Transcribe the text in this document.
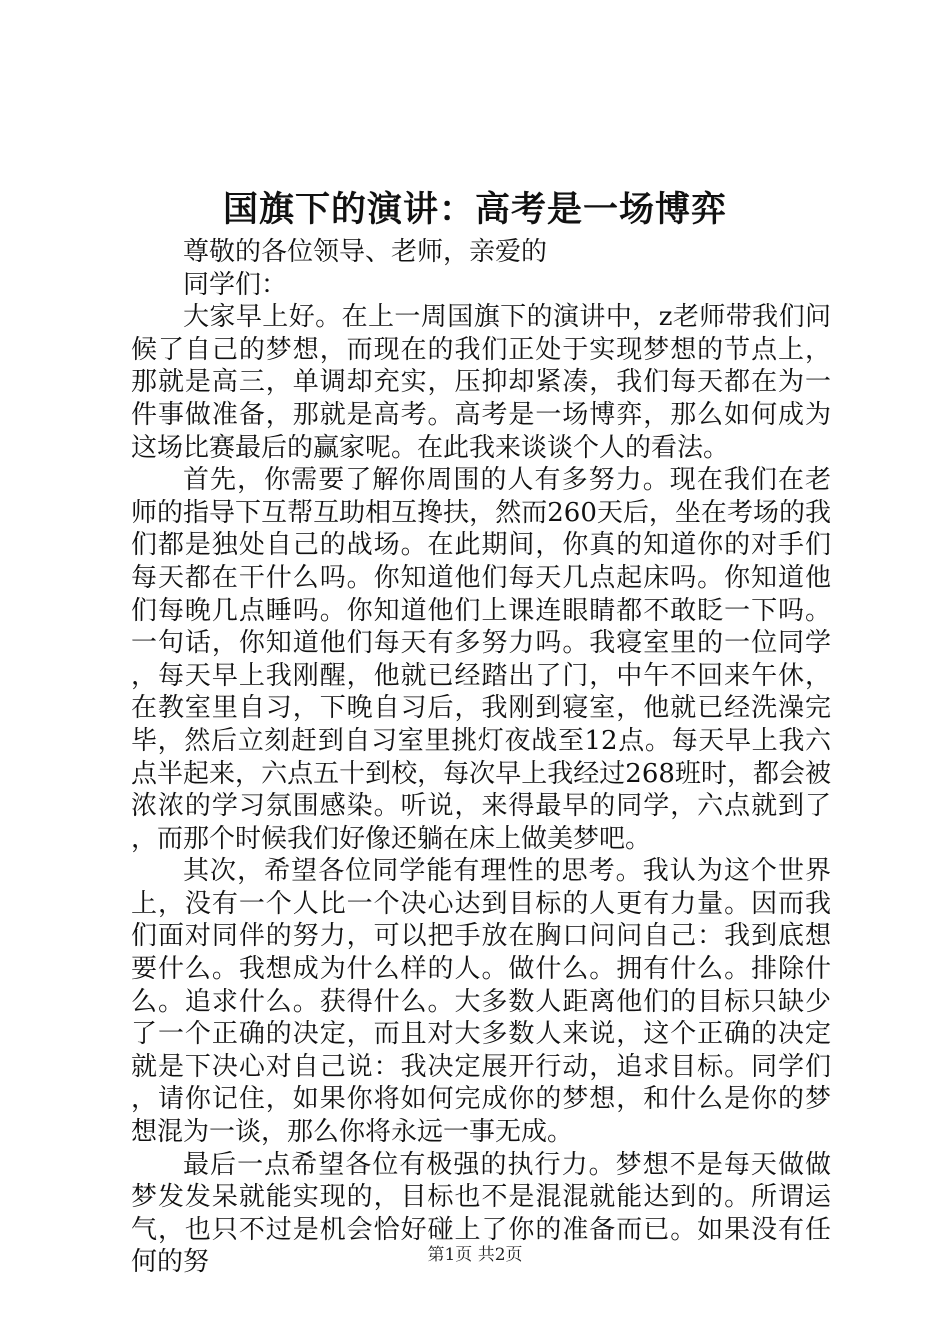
国旗下的演讲：高考是一场博弈

尊敬的各位领导、老师，亲爱的

同学们：

大家早上好。在上一周国旗下的演讲中，z老师带我们问候了自己的梦想，而现在的我们正处于实现梦想的节点上，那就是高三，单调却充实，压抑却紧凑，我们每天都在为一件事做准备，那就是高考。高考是一场博弈，那么如何成为这场比赛最后的赢家呢。在此我来谈谈个人的看法。

首先，你需要了解你周围的人有多努力。现在我们在老师的指导下互帮互助相互搀扶，然而260天后，坐在考场的我们都是独处自己的战场。在此期间，你真的知道你的对手们每天都在干什么吗。你知道他们每天几点起床吗。你知道他们每晚几点睡吗。你知道他们上课连眼睛都不敢眨一下吗。一句话，你知道他们每天有多努力吗。我寝室里的一位同学，每天早上我刚醒，他就已经踏出了门，中午不回来午休，在教室里自习，下晚自习后，我刚到寝室，他就已经洗澡完毕，然后立刻赶到自习室里挑灯夜战至12点。每天早上我六点半起来，六点五十到校，每次早上我经过268班时，都会被浓浓的学习氛围感染。听说，来得最早的同学，六点就到了，而那个时候我们好像还躺在床上做美梦吧。

其次，希望各位同学能有理性的思考。我认为这个世界上，没有一个人比一个决心达到目标的人更有力量。因而我们面对同伴的努力，可以把手放在胸口问问自己：我到底想要什么。我想成为什么样的人。做什么。拥有什么。排除什么。追求什么。获得什么。大多数人距离他们的目标只缺少了一个正确的决定，而且对大多数人来说，这个正确的决定就是下决心对自己说：我决定展开行动，追求目标。同学们，请你记住，如果你将如何完成你的梦想，和什么是你的梦想混为一谈，那么你将永远一事无成。

最后一点希望各位有极强的执行力。梦想不是每天做做梦发发呆就能实现的，目标也不是混混就能达到的。所谓运气，也只不过是机会恰好碰上了你的准备而已。如果没有任何的努	第1页 共2页
